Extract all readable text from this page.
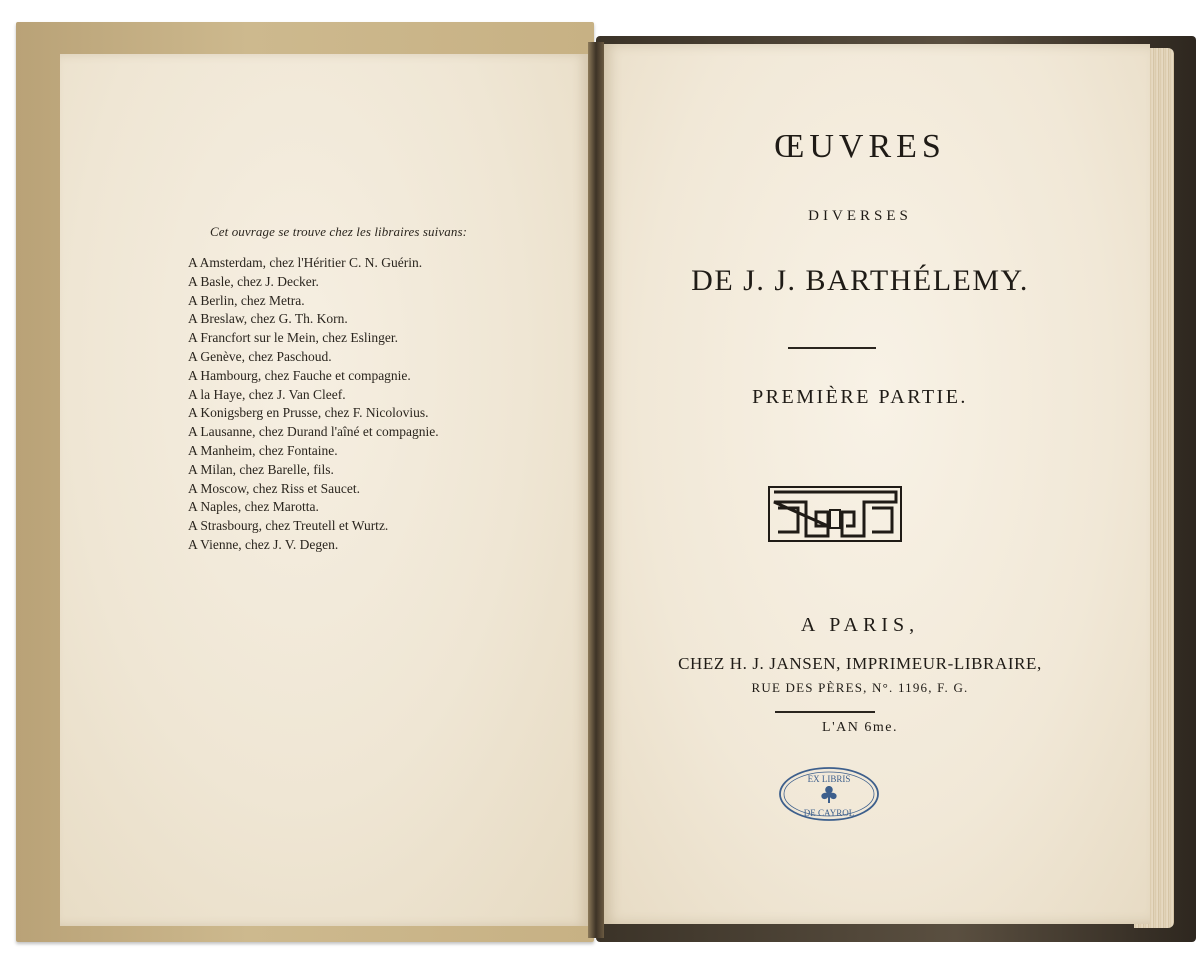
Cet ouvrage se trouve chez les libraires suivans:
A Amsterdam, chez l'Héritier C. N. Guérin.
A Basle, chez J. Decker.
A Berlin, chez Metra.
A Breslaw, chez G. Th. Korn.
A Francfort sur le Mein, chez Eslinger.
A Genève, chez Paschoud.
A Hambourg, chez Fauche et compagnie.
A la Haye, chez J. Van Cleef.
A Konigsberg en Prusse, chez F. Nicolovius.
A Lausanne, chez Durand l'aîné et compagnie.
A Manheim, chez Fontaine.
A Milan, chez Barelle, fils.
A Moscow, chez Riss et Saucet.
A Naples, chez Marotta.
A Strasbourg, chez Treutell et Wurtz.
A Vienne, chez J. V. Degen.
ŒUVRES
DIVERSES
DE J. J. BARTHÉLEMY.
PREMIÈRE PARTIE.
A PARIS,
CHEZ H. J. JANSEN, IMPRIMEUR-LIBRAIRE,
RUE DES PÈRES, N°. 1196, F. G.
L'AN 6me.
EX LIBRIS
DE CAYROL
